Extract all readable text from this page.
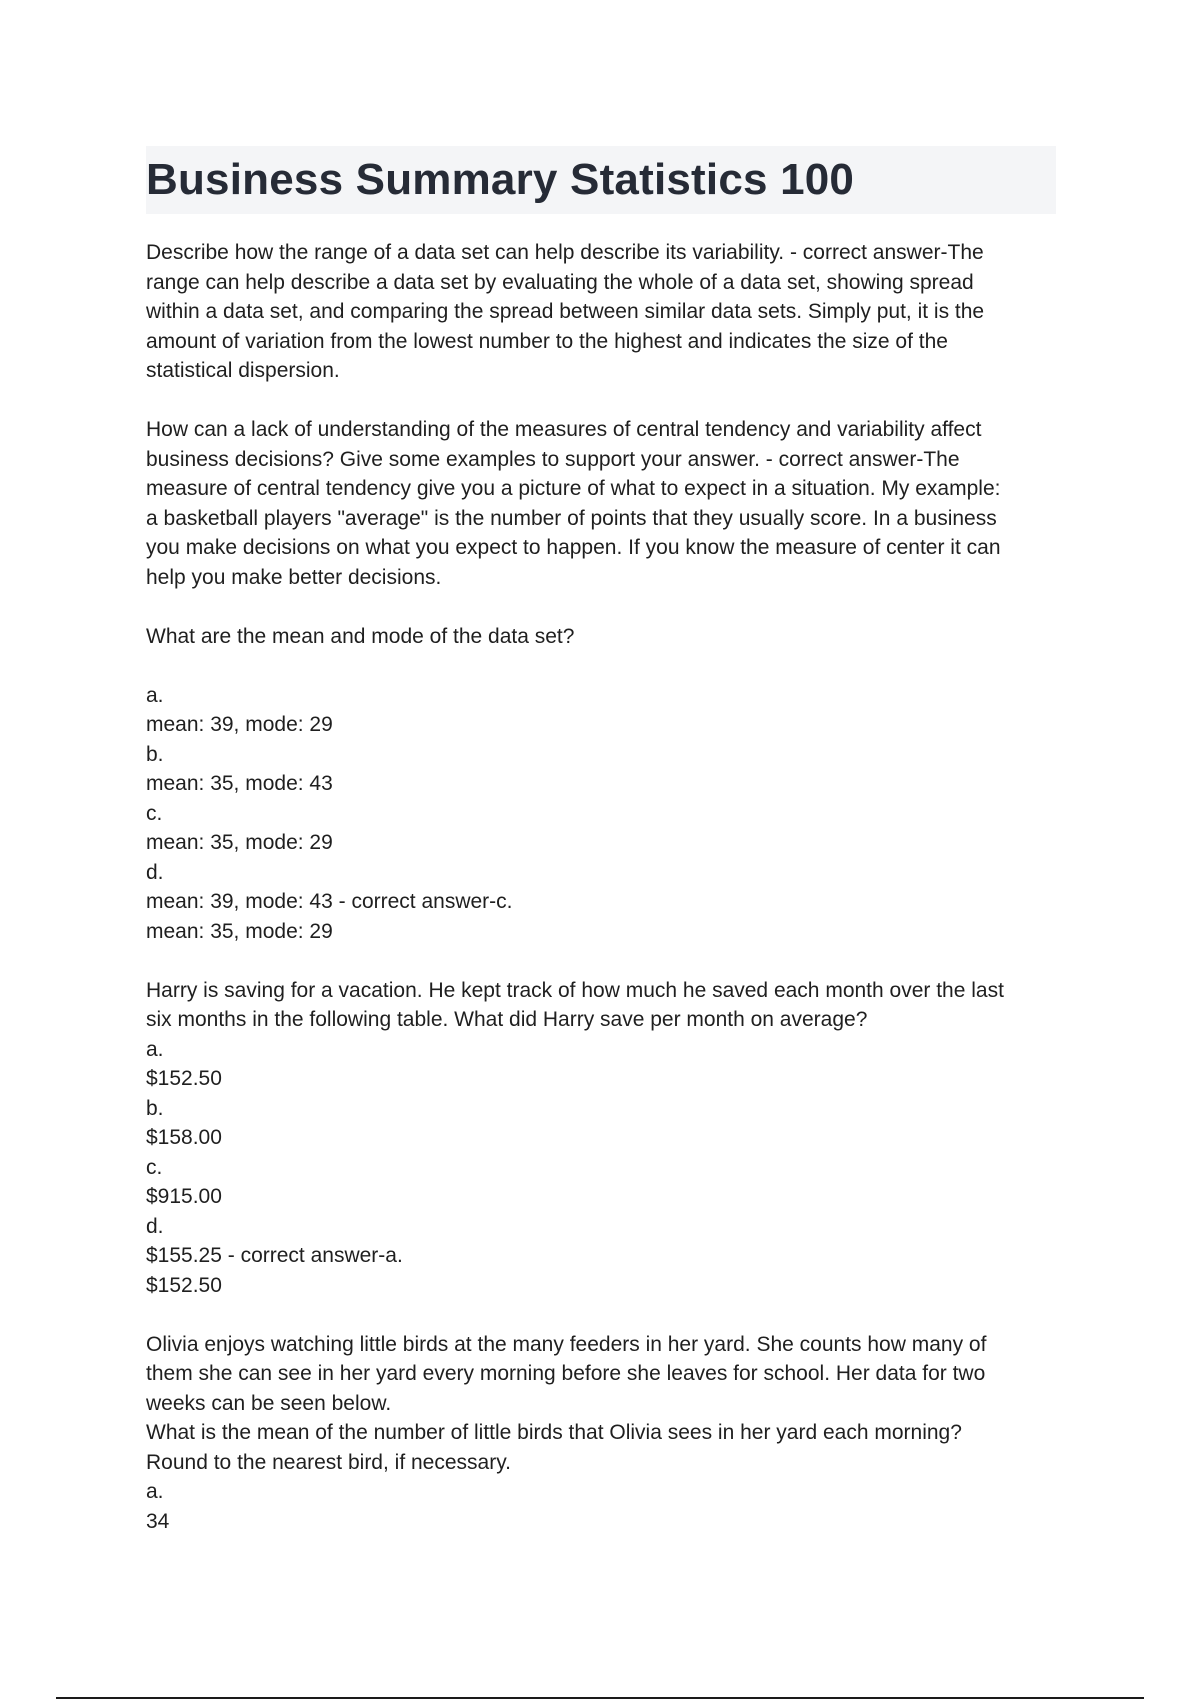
Business Summary Statistics 100

Describe how the range of a data set can help describe its variability. - correct answer-The
range can help describe a data set by evaluating the whole of a data set, showing spread
within a data set, and comparing the spread between similar data sets. Simply put, it is the
amount of variation from the lowest number to the highest and indicates the size of the
statistical dispersion.

How can a lack of understanding of the measures of central tendency and variability affect
business decisions? Give some examples to support your answer. - correct answer-The
measure of central tendency give you a picture of what to expect in a situation. My example:
a basketball players "average" is the number of points that they usually score. In a business
you make decisions on what you expect to happen. If you know the measure of center it can
help you make better decisions.

What are the mean and mode of the data set?

a.
mean: 39, mode: 29
b.
mean: 35, mode: 43
c.
mean: 35, mode: 29
d.
mean: 39, mode: 43 - correct answer-c.
mean: 35, mode: 29

Harry is saving for a vacation. He kept track of how much he saved each month over the last
six months in the following table. What did Harry save per month on average?
a.
$152.50
b.
$158.00
c.
$915.00
d.
$155.25 - correct answer-a.
$152.50

Olivia enjoys watching little birds at the many feeders in her yard. She counts how many of
them she can see in her yard every morning before she leaves for school. Her data for two
weeks can be seen below.
What is the mean of the number of little birds that Olivia sees in her yard each morning?
Round to the nearest bird, if necessary.
a.
34
